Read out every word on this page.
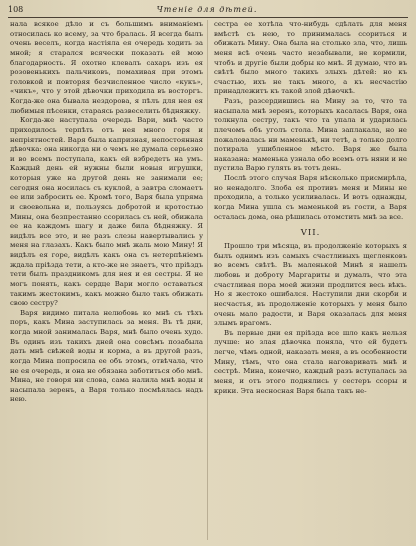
108	Чтенiе для дѣтей.

нала всякое дѣло и съ большимъ вниманіемъ относилась ко всему, за что бралась. Я всегда былъ очень веселъ, когда настіяла ея очередь ходить за мной; я старался всячески показать ей мою благодарность. Я охотно клевалъ сахаръ изъ ея розовенькихъ пальчиковъ, помахивая при этомъ головкой и повторяя безчисленное число «кукъ», «чикъ», что у этой дѣвочки приходила въ восторгъ. Когда-же она бывала нездорова, я пѣлъ для нея ея любимыя пѣсенки, стараясь развеселить бѣдняжку.

Когда-же наступала очередь Вари, мнѣ часто приходилось терпѣть отъ нея много горя и непріятностей. Варя была капризная, непостоянная дѣвочка: она никогда ни о чемъ не думала серьезно и во всемъ поступала, какъ ей взбредетъ на умъ. Каждый день ей нужны были новыя игрушки, которыя уже на другой день не занимали ее; сегодня она носилась съ куклой, а завтра сломаетъ ее или забросить ее. Кромѣ того, Варя была упряма и своевольна и, пользуясь добротой и кротостью Мины, она безпрестанно ссорилась съ ней, обижала ее на каждомъ шагу и даже била бѣдняжку. Я видѣлъ все это, и не разъ слезы навертывались у меня на глазахъ. Какъ было мнѣ жаль мою Мину! Я видѣлъ ея горе, видѣлъ какъ она съ нетерпѣніемъ ждала пріѣзда тети, а кто-же не знаетъ, что пріѣздъ тети былъ праздникомъ для нея и ея сестры. Я не могъ понять, какъ сердце Вари могло оставаться такимъ жестокимъ, какъ можно было такъ обижать свою сестру?

Варя видимо питала нелюбовь ко мнѣ съ тѣхъ поръ, какъ Мина заступилась за меня. Въ тѣ дни, когда мной занималась Варя, мнѣ было очень худо. Въ одинъ изъ такихъ дней она совсѣмъ позабыла дать мнѣ свѣжей воды и корма, а въ другой разъ, когда Мина попросила ее объ этомъ, отвѣчала, что не ея очередь, и она не обязана заботиться обо мнѣ. Мина, не говоря ни слова, сама налила мнѣ воды и насыпала зеренъ, а Варя только посмѣялась надъ нею.

сестра ее хотѣла что-нибудь сдѣлать для меня вмѣстѣ съ нею, то принималась ссориться и обижать Мину. Она была на столько зла, что, лишь меня всѣ очень часто незабывали, не кормили, чтобъ и другіе были добры ко мнѣ. Я думаю, что въ свѣтѣ было много такихъ злыхъ дѣтей: но къ счастью, ихъ не такъ много, а къ несчастію принадлежитъ къ такой злой дѣвочкѣ.

Разъ, разсердившись на Мину за то, что та насыпала мнѣ зеренъ, которыхъ касалась Варя, она толкнула сестру, такъ что та упала и ударилась плечомъ объ уголъ стола. Мина заплакала, но не пожаловалась ни маменькѣ, ни тетѣ, а только долго потирала ушибленное мѣсто. Варя же была наказана: маменька узнала обо всемъ отъ няни и не пустила Варю гулять въ тотъ день.

Послѣ этого случая Варя нѣсколько присмирѣла, но ненадолго. Злоба ея противъ меня и Мины не проходила, а только усиливалась. И вотъ однажды, когда Мина ушла съ маменькой въ гости, а Варя осталась дома, она рѣшилась отомстить мнѣ за все.

VII.

Прошло три мѣсяца, въ продолженіе которыхъ я былъ однимъ изъ самыхъ счастливыхъ щегленковъ во всемъ свѣтѣ. Въ маленькой Минѣ я нашелъ любовь и доброту Маргариты и думалъ, что эта счастливая пора моей жизни продлится весь вѣкъ. Но я жестоко ошибался. Наступили дни скорби и несчастья, въ продолженіе которыхъ у меня было очень мало радости, и Варя оказалась для меня злымъ врагомъ.

Въ первые дни ея пріѣзда все шло какъ нельзя лучше: но злая дѣвочка поняла, что ей будетъ легче, чѣмъ одной, наказать меня, а въ особенности Мину, тѣмъ, что она стала наговаривать мнѣ и сестрѣ. Мина, конечно, каждый разъ вступалась за меня, и отъ этого поднялись у сестеръ ссоры и крики. Эта несносная Варя была такъ не-
